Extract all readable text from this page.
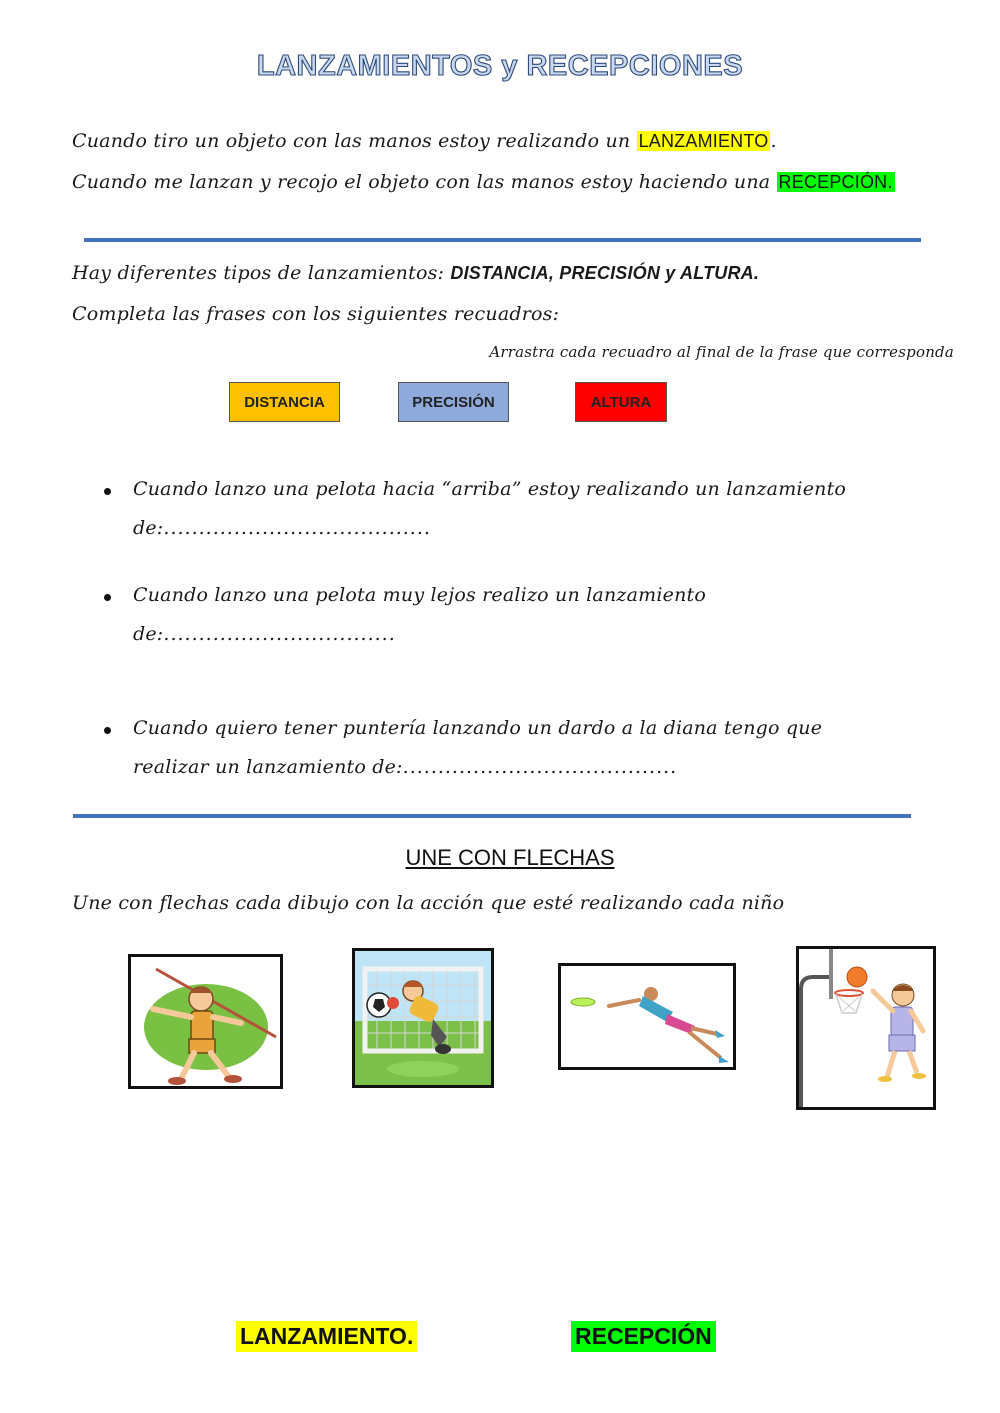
LANZAMIENTOS y RECEPCIONES
Cuando tiro un objeto con las manos estoy realizando un LANZAMIENTO .
Cuando me lanzan y recojo el objeto con las manos estoy haciendo una RECEPCIÓN.
Hay diferentes tipos de lanzamientos: DISTANCIA, PRECISIÓN y ALTURA.
Completa las frases con los siguientes recuadros:
Arrastra cada recuadro al final de la frase que corresponda
DISTANCIA	PRECISIÓN	ALTURA
Cuando lanzo una pelota hacia “arriba” estoy realizando un lanzamiento
de:......................................
Cuando lanzo una pelota muy lejos realizo un lanzamiento
de:.................................
Cuando quiero tener puntería lanzando un dardo a la diana tengo que
realizar un lanzamiento de:.......................................
UNE CON FLECHAS
Une con flechas cada dibujo con la acción que esté realizando cada niño
LANZAMIENTO.	RECEPCIÓN
